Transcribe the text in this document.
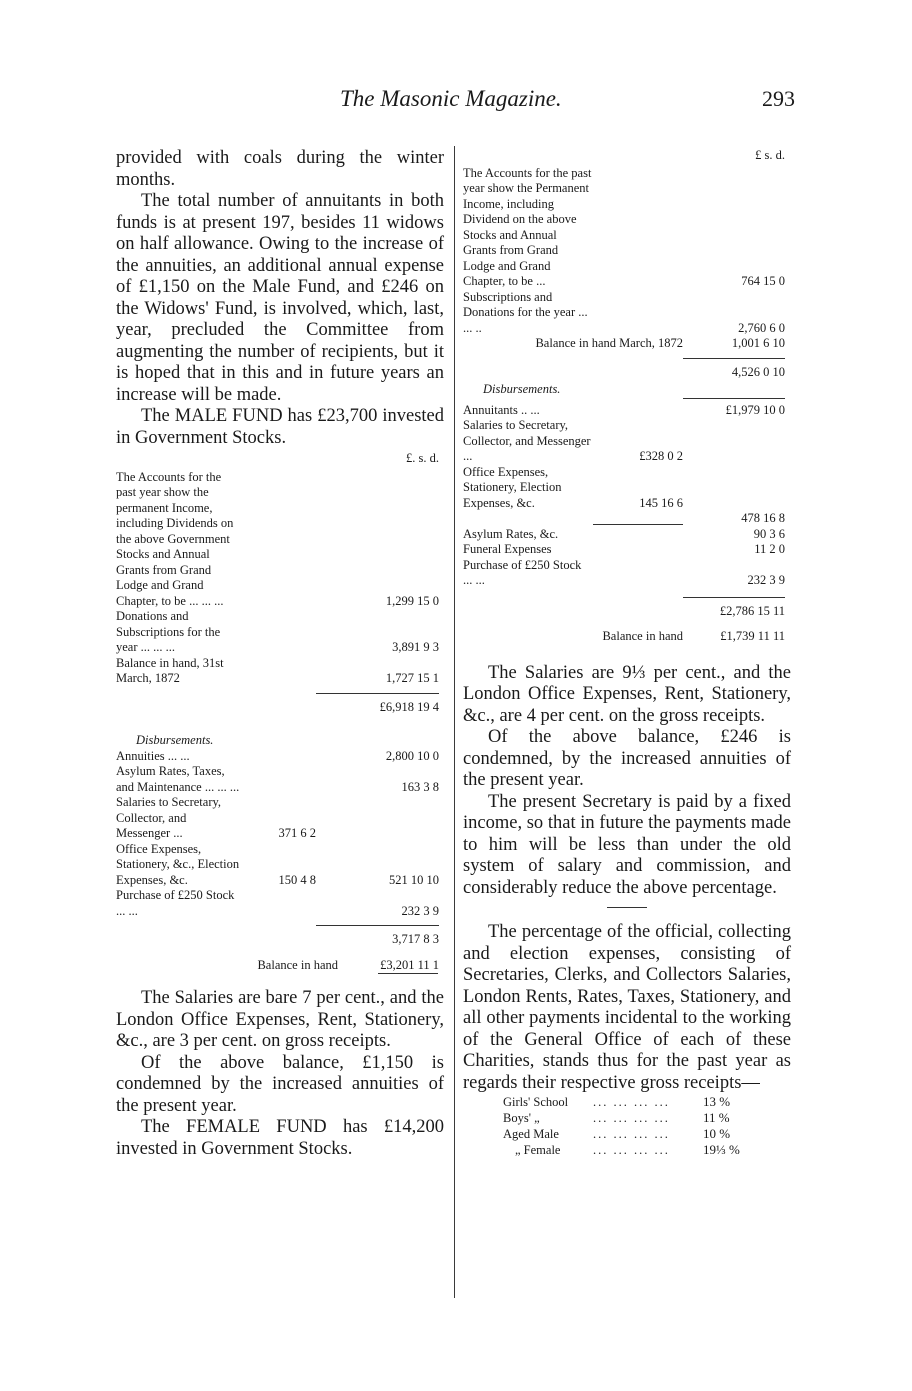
The Masonic Magazine.	293

provided with coals during the winter months.

The total number of annuitants in both funds is at present 197, besides 11 widows on half allowance. Owing to the increase of the annuities, an additional annual expense of £1,150 on the Male Fund, and £246 on the Widows' Fund, is involved, which, last, year, precluded the Committee from augmenting the number of recipients, but it is hoped that in this and in future years an increase will be made.

The MALE FUND has £23,700 invested in Government Stocks.

£. s. d.
The Accounts for the past year show the permanent Income, including Dividends on the above Government Stocks and Annual Grants from Grand Lodge and Grand Chapter, to be ... ... ...	1,299 15 0
Donations and Subscriptions for the year ... ... ...	3,891 9 3
Balance in hand, 31st March, 1872	1,727 15 1
£6,918 19 4
Disbursements.
Annuities ... ...	2,800 10 0
Asylum Rates, Taxes, and Maintenance ... ... ...	163 3 8
Salaries to Secretary, Collector, and Messenger ...	371 6 2
Office Expenses, Stationery, &c., Election Expenses, &c.	150 4 8	521 10 10
Purchase of £250 Stock ... ...	232 3 9
3,717 8 3
Balance in hand	£3,201 11 1

The Salaries are bare 7 per cent., and the London Office Expenses, Rent, Stationery, &c., are 3 per cent. on gross receipts.

Of the above balance, £1,150 is condemned by the increased annuities of the present year.

The FEMALE FUND has £14,200 invested in Government Stocks.

£ s. d.
The Accounts for the past year show the Permanent Income, including Dividend on the above Stocks and Annual Grants from Grand Lodge and Grand Chapter, to be ...	764 15 0
Subscriptions and Donations for the year ... ... ..	2,760 6 0
Balance in hand March, 1872	1,001 6 10
4,526 0 10
Disbursements.
Annuitants .. ...	£1,979 10 0
Salaries to Secretary, Collector, and Messenger ...	£328 0 2
Office Expenses, Stationery, Election Expenses, &c.	145 16 6
478 16 8
Asylum Rates, &c.	90 3 6
Funeral Expenses	11 2 0
Purchase of £250 Stock ... ...	232 3 9
£2,786 15 11
Balance in hand	£1,739 11 11

The Salaries are 9⅓ per cent., and the London Office Expenses, Rent, Stationery, &c., are 4 per cent. on the gross receipts.

Of the above balance, £246 is condemned, by the increased annuities of the present year.

The present Secretary is paid by a fixed income, so that in future the payments made to him will be less than under the old system of salary and commission, and considerably reduce the above percentage.

The percentage of the official, collecting and election expenses, consisting of Secretaries, Clerks, and Collectors Salaries, London Rents, Rates, Taxes, Stationery, and all other payments incidental to the working of the General Office of each of these Charities, stands thus for the past year as regards their respective gross receipts—

Girls' School	... ... ... ...	13 %
Boys' „	... ... ... ...	11 %
Aged Male	... ... ... ...	10 %
„ Female	... ... ... ...	19⅓ %
